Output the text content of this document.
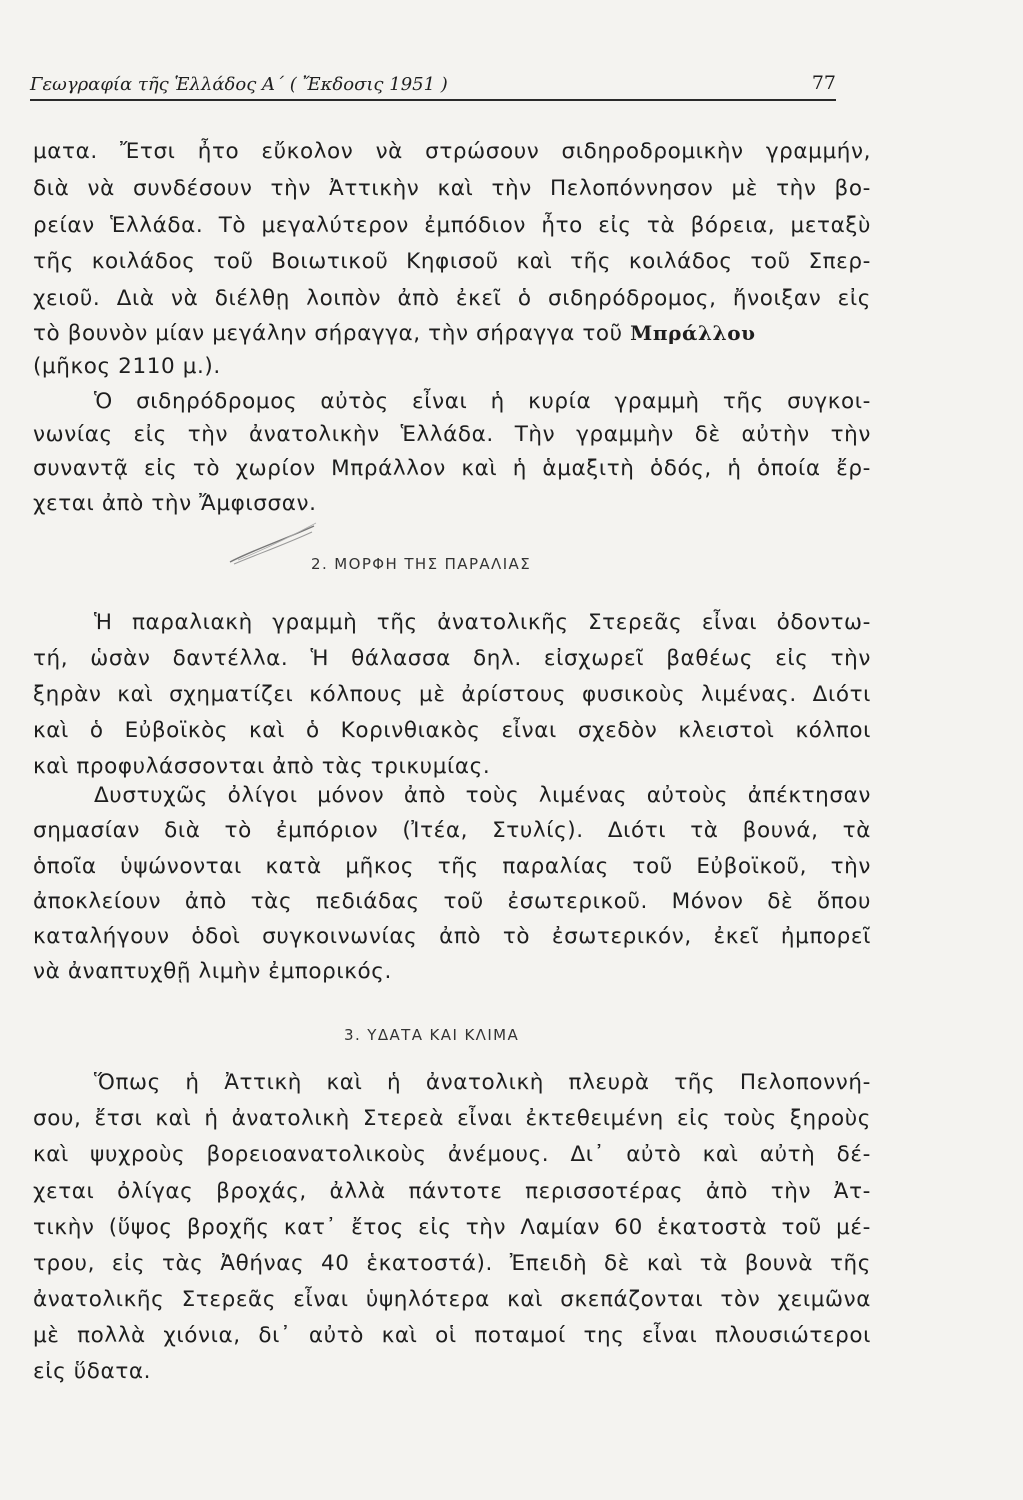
Γεωγραφία τῆς Ἑλλάδος Α΄ ( Ἔκδοσις 1951 )	77
ματα. Ἔτσι ἦτο εὔκολον νὰ στρώσουν σιδηροδρομικὴν γραμμήν,
διὰ νὰ συνδέσουν τὴν Ἀττικὴν καὶ τὴν Πελοπόννησον μὲ τὴν βο-
ρείαν Ἑλλάδα. Τὸ μεγαλύτερον ἐμπόδιον ἦτο εἰς τὰ βόρεια, μεταξὺ
τῆς κοιλάδος τοῦ Βοιωτικοῦ Κηφισοῦ καὶ τῆς κοιλάδος τοῦ Σπερ-
χειοῦ. Διὰ νὰ διέλθῃ λοιπὸν ἀπὸ ἐκεῖ ὁ σιδηρόδρομος, ἤνοιξαν εἰς
τὸ βουνὸν μίαν μεγάλην σήραγγα, τὴν σήραγγα τοῦ Μπράλλου
(μῆκος 2110 μ.).
Ὁ σιδηρόδρομος αὐτὸς εἶναι ἡ κυρία γραμμὴ τῆς συγκοι-
νωνίας εἰς τὴν ἀνατολικὴν Ἑλλάδα. Τὴν γραμμὴν δὲ αὐτὴν τὴν
συναντᾷ εἰς τὸ χωρίον Μπράλλον καὶ ἡ ἁμαξιτὴ ὁδός, ἡ ὁποία ἔρ-
χεται ἀπὸ τὴν Ἄμφισσαν.
2. ΜΟΡΦΗ ΤΗΣ ΠΑΡΑΛΙΑΣ
Ἡ παραλιακὴ γραμμὴ τῆς ἀνατολικῆς Στερεᾶς εἶναι ὀδοντω-
τή, ὡσὰν δαντέλλα. Ἡ θάλασσα δηλ. εἰσχωρεῖ βαθέως εἰς τὴν
ξηρὰν καὶ σχηματίζει κόλπους μὲ ἀρίστους φυσικοὺς λιμένας. Διότι
καὶ ὁ Εὐβοϊκὸς καὶ ὁ Κορινθιακὸς εἶναι σχεδὸν κλειστοὶ κόλποι
καὶ προφυλάσσονται ἀπὸ τὰς τρικυμίας.
Δυστυχῶς ὀλίγοι μόνον ἀπὸ τοὺς λιμένας αὐτοὺς ἀπέκτησαν
σημασίαν διὰ τὸ ἐμπόριον (Ἰτέα, Στυλίς). Διότι τὰ βουνά, τὰ
ὁποῖα ὑψώνονται κατὰ μῆκος τῆς παραλίας τοῦ Εὐβοϊκοῦ, τὴν
ἀποκλείουν ἀπὸ τὰς πεδιάδας τοῦ ἐσωτερικοῦ. Μόνον δὲ ὅπου
καταλήγουν ὁδοὶ συγκοινωνίας ἀπὸ τὸ ἐσωτερικόν, ἐκεῖ ἠμπορεῖ
νὰ ἀναπτυχθῇ λιμὴν ἐμπορικός.
3. ΥΔΑΤΑ ΚΑΙ ΚΛΙΜΑ
Ὅπως ἡ Ἀττικὴ καὶ ἡ ἀνατολικὴ πλευρὰ τῆς Πελοποννή-
σου, ἔτσι καὶ ἡ ἀνατολικὴ Στερεὰ εἶναι ἐκτεθειμένη εἰς τοὺς ξηροὺς
καὶ ψυχροὺς βορειοανατολικοὺς ἀνέμους. Δι᾿ αὐτὸ καὶ αὐτὴ δέ-
χεται ὀλίγας βροχάς, ἀλλὰ πάντοτε περισσοτέρας ἀπὸ τὴν Ἀτ-
τικὴν (ὕψος βροχῆς κατ᾿ ἔτος εἰς τὴν Λαμίαν 60 ἑκατοστὰ τοῦ μέ-
τρου, εἰς τὰς Ἀθήνας 40 ἑκατοστά). Ἐπειδὴ δὲ καὶ τὰ βουνὰ τῆς
ἀνατολικῆς Στερεᾶς εἶναι ὑψηλότερα καὶ σκεπάζονται τὸν χειμῶνα
μὲ πολλὰ χιόνια, δι᾿ αὐτὸ καὶ οἱ ποταμοί της εἶναι πλουσιώτεροι
εἰς ὕδατα.
